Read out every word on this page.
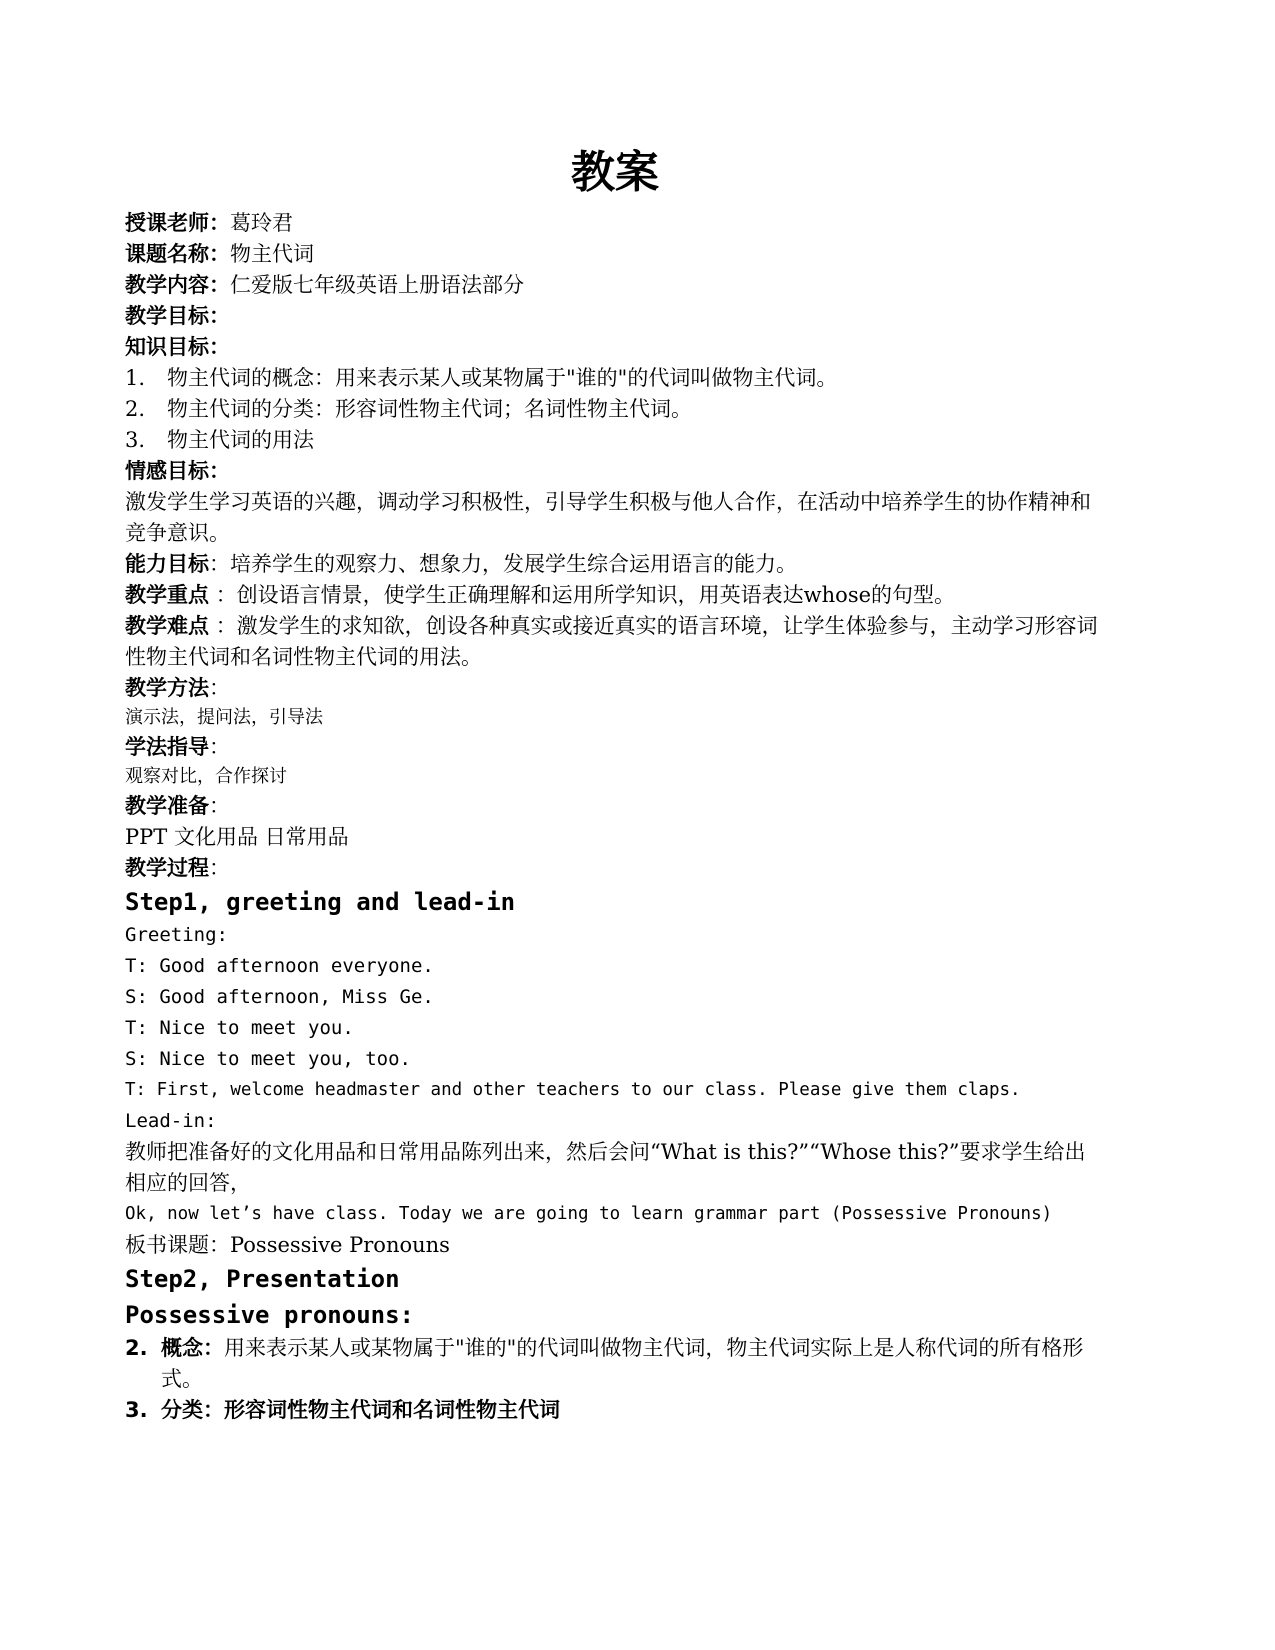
教案
授课老师：葛玲君
课题名称：物主代词
教学内容：仁爱版七年级英语上册语法部分
教学目标：
知识目标：
1. 物主代词的概念：用来表示某人或某物属于"谁的"的代词叫做物主代词。
2. 物主代词的分类：形容词性物主代词；名词性物主代词。
3. 物主代词的用法
情感目标：
激发学生学习英语的兴趣，调动学习积极性，引导学生积极与他人合作，在活动中培养学生的协作精神和竞争意识。
能力目标：培养学生的观察力、想象力，发展学生综合运用语言的能力。
教学重点 ：创设语言情景，使学生正确理解和运用所学知识，用英语表达whose的句型。
教学难点 ：激发学生的求知欲，创设各种真实或接近真实的语言环境，让学生体验参与，主动学习形容词性物主代词和名词性物主代词的用法。
教学方法：
演示法，提问法，引导法
学法指导：
观察对比，合作探讨
教学准备：
PPT 文化用品 日常用品
教学过程：
Step1, greeting and lead-in
Greeting:
T: Good afternoon everyone.
S: Good afternoon, Miss Ge.
T: Nice to meet you.
S: Nice to meet you, too.
T: First, welcome headmaster and other teachers to our class. Please give them claps.
Lead-in:
教师把准备好的文化用品和日常用品陈列出来，然后会问“What is this?”“Whose this?”要求学生给出相应的回答，
Ok, now let’s have class. Today we are going to learn grammar part (Possessive Pronouns)
板书课题：Possessive Pronouns
Step2, Presentation
Possessive pronouns:
2. 概念：用来表示某人或某物属于"谁的"的代词叫做物主代词，物主代词实际上是人称代词的所有格形式。
3. 分类：形容词性物主代词和名词性物主代词
